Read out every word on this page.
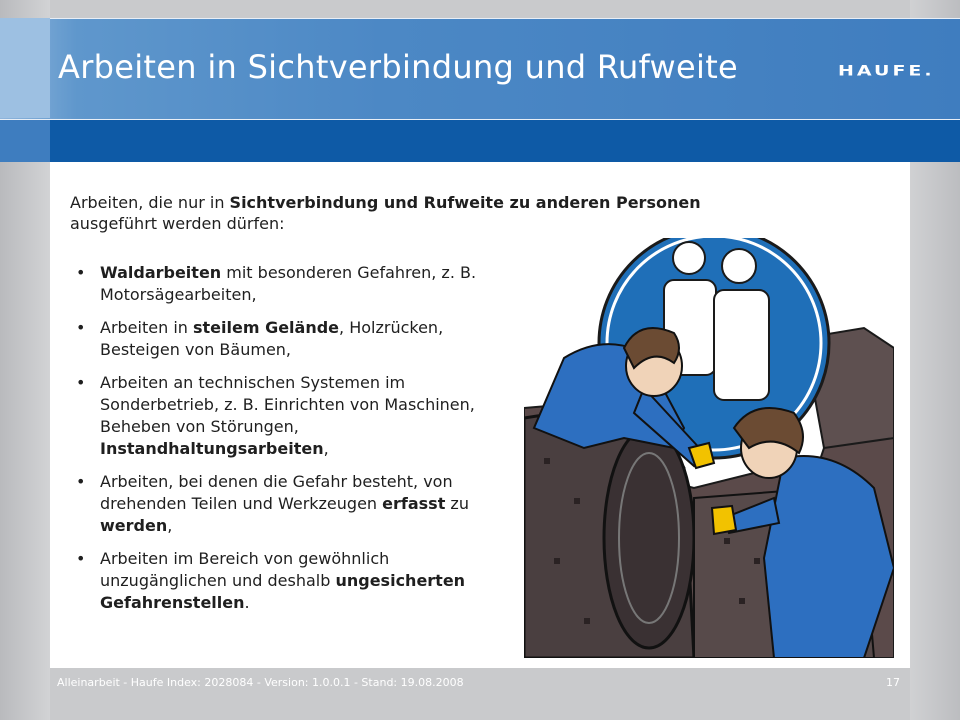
Arbeiten in Sichtverbindung und Rufweite	HAUFE.
Arbeiten, die nur in Sichtverbindung und Rufweite zu anderen Personen
ausgeführt werden dürfen:
• Waldarbeiten mit besonderen Gefahren, z. B. Motorsägearbeiten,
• Arbeiten in steilem Gelände, Holzrücken, Besteigen von Bäumen,
• Arbeiten an technischen Systemen im Sonderbetrieb, z. B. Einrichten von Maschinen, Beheben von Störungen, Instandhaltungsarbeiten,
• Arbeiten, bei denen die Gefahr besteht, von drehenden Teilen und Werkzeugen erfasst zu werden,
• Arbeiten im Bereich von gewöhnlich unzugänglichen und deshalb ungesicherten Gefahrenstellen.
Alleinarbeit - Haufe Index: 2028084 - Version: 1.0.0.1 - Stand: 19.08.2008	17
